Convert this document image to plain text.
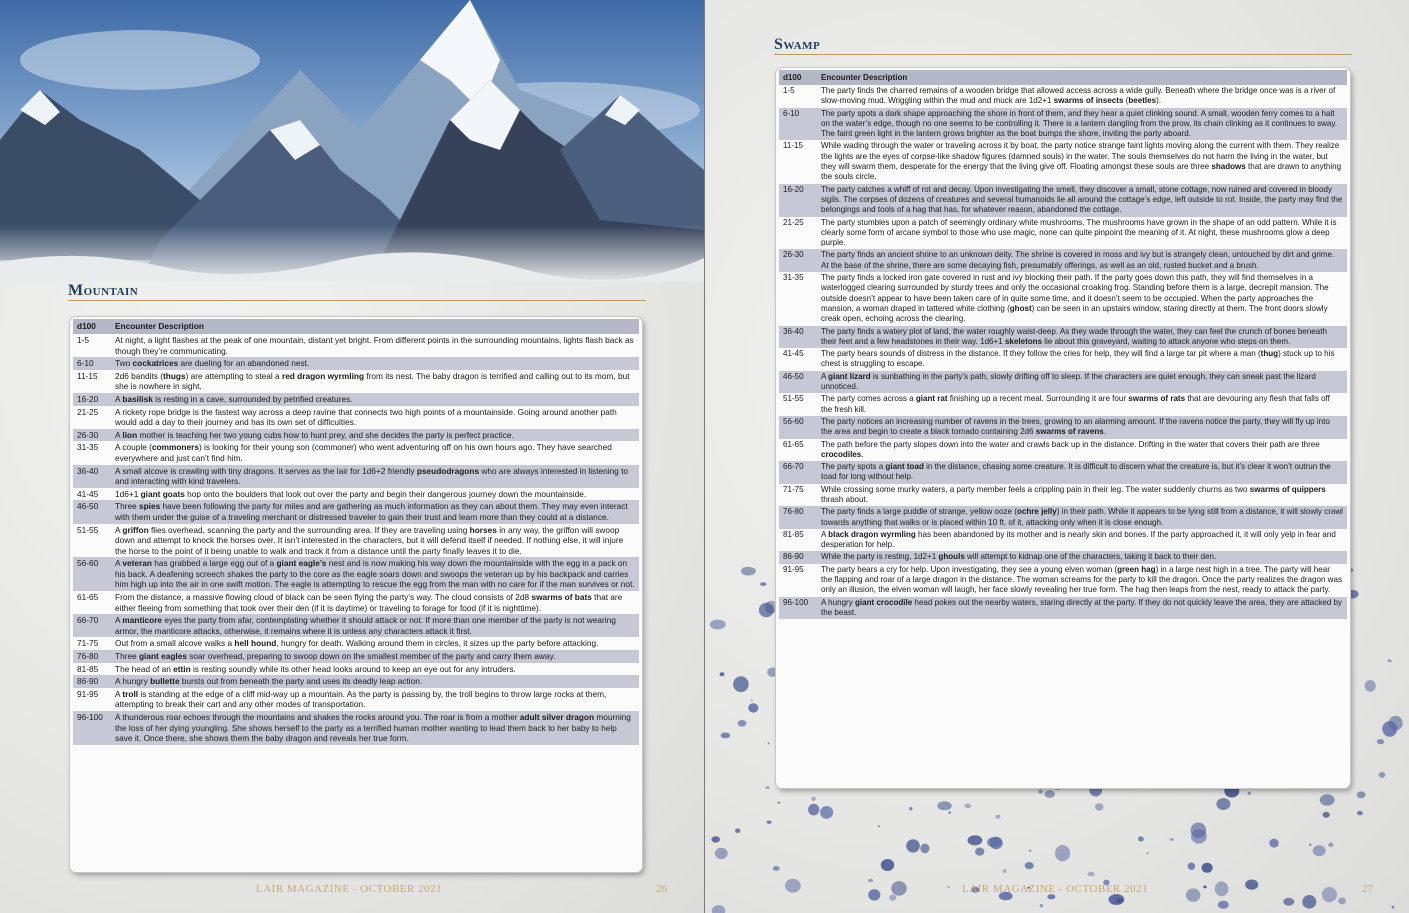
Mountain
d100	Encounter Description
1-5	At night, a light flashes at the peak of one mountain, distant yet bright. From different points in the surrounding mountains, lights flash back as though they’re communicating.
6-10	Two cockatrices are dueling for an abandoned nest.
11-15	2d6 bandits (thugs) are attempting to steal a red dragon wyrmling from its nest. The baby dragon is terrified and calling out to its mom, but she is nowhere in sight.
16-20	A basilisk is resting in a cave, surrounded by petrified creatures.
21-25	A rickety rope bridge is the fastest way across a deep ravine that connects two high points of a mountainside. Going around another path would add a day to their journey and has its own set of difficulties.
26-30	A lion mother is teaching her two young cubs how to hunt prey, and she decides the party is perfect practice.
31-35	A couple (commoners) is looking for their young son (commoner) who went adventuring off on his own hours ago. They have searched everywhere and just can’t find him.
36-40	A small alcove is crawling with tiny dragons. It serves as the lair for 1d6+2 friendly pseudodragons who are always interested in listening to and interacting with kind travelers.
41-45	1d6+1 giant goats hop onto the boulders that look out over the party and begin their dangerous journey down the mountainside.
46-50	Three spies have been following the party for miles and are gathering as much information as they can about them. They may even interact with them under the guise of a traveling merchant or distressed traveler to gain their trust and learn more than they could at a distance.
51-55	A griffon flies overhead, scanning the party and the surrounding area. If they are traveling using horses in any way, the griffon will swoop down and attempt to knock the horses over. It isn’t interested in the characters, but it will defend itself if needed. If nothing else, it will injure the horse to the point of it being unable to walk and track it from a distance until the party finally leaves it to die.
56-60	A veteran has grabbed a large egg out of a giant eagle’s nest and is now making his way down the mountainside with the egg in a pack on his back. A deafening screech shakes the party to the core as the eagle soars down and swoops the veteran up by his backpack and carries him high up into the air in one swift motion. The eagle is attempting to rescue the egg from the man with no care for if the man survives or not.
61-65	From the distance, a massive flowing cloud of black can be seen flying the party’s way. The cloud consists of 2d8 swarms of bats that are either fleeing from something that took over their den (if it is daytime) or traveling to forage for food (if it is nighttime).
66-70	A manticore eyes the party from afar, contemplating whether it should attack or not. If more than one member of the party is not wearing armor, the manticore attacks, otherwise, it remains where it is unless any characters attack it first.
71-75	Out from a small alcove walks a hell hound, hungry for death. Walking around them in circles, it sizes up the party before attacking.
76-80	Three giant eagles soar overhead, preparing to swoop down on the smallest member of the party and carry them away.
81-85	The head of an ettin is resting soundly while its other head looks around to keep an eye out for any intruders.
86-90	A hungry bullette bursts out from beneath the party and uses its deadly leap action.
91-95	A troll is standing at the edge of a cliff mid-way up a mountain. As the party is passing by, the troll begins to throw large rocks at them, attempting to break their cart and any other modes of transportation.
96-100	A thunderous roar echoes through the mountains and shakes the rocks around you. The roar is from a mother adult silver dragon mourning the loss of her dying youngling. She shows herself to the party as a terrified human mother wanting to lead them back to her baby to help save it. Once there, she shows them the baby dragon and reveals her true form.
LAIR MAGAZINE - OCTOBER 2021	26
Swamp
d100	Encounter Description
1-5	The party finds the charred remains of a wooden bridge that allowed access across a wide gully. Beneath where the bridge once was is a river of slow-moving mud. Wriggling within the mud and muck are 1d2+1 swarms of insects (beetles).
6-10	The party spots a dark shape approaching the shore in front of them, and they hear a quiet clinking sound. A small, wooden ferry comes to a halt on the water’s edge, though no one seems to be controlling it. There is a lantern dangling from the prow, its chain clinking as it continues to sway. The faint green light in the lantern grows brighter as the boat bumps the shore, inviting the party aboard.
11-15	While wading through the water or traveling across it by boat, the party notice strange faint lights moving along the current with them. They realize the lights are the eyes of corpse-like shadow figures (damned souls) in the water. The souls themselves do not harm the living in the water, but they will swarm them, desperate for the energy that the living give off. Floating amongst these souls are three shadows that are drawn to anything the souls circle.
16-20	The party catches a whiff of rot and decay. Upon investigating the smell, they discover a small, stone cottage, now ruined and covered in bloody sigils. The corpses of dozens of creatures and several humanoids lie all around the cottage’s edge, left outside to rot. Inside, the party may find the belongings and tools of a hag that has, for whatever reason, abandoned the cottage.
21-25	The party stumbles upon a patch of seemingly ordinary white mushrooms. The mushrooms have grown in the shape of an odd pattern. While it is clearly some form of arcane symbol to those who use magic, none can quite pinpoint the meaning of it. At night, these mushrooms glow a deep purple.
26-30	The party finds an ancient shrine to an unknown deity. The shrine is covered in moss and ivy but is strangely clean, untouched by dirt and grime. At the base of the shrine, there are some decaying fish, presumably offerings, as well as an old, rusted bucket and a brush.
31-35	The party finds a locked iron gate covered in rust and ivy blocking their path. If the party goes down this path, they will find themselves in a waterlogged clearing surrounded by sturdy trees and only the occasional croaking frog. Standing before them is a large, decrepit mansion. The outside doesn’t appear to have been taken care of in quite some time, and it doesn’t seem to be occupied. When the party approaches the mansion, a woman draped in tattered white clothing (ghost) can be seen in an upstairs window, staring directly at them. The front doors slowly creak open, echoing across the clearing.
36-40	The party finds a watery plot of land, the water roughly waist-deep. As they wade through the water, they can feel the crunch of bones beneath their feet and a few headstones in their way. 1d6+1 skeletons lie about this graveyard, waiting to attack anyone who steps on them.
41-45	The party hears sounds of distress in the distance. If they follow the cries for help, they will find a large tar pit where a man (thug) stuck up to his chest is struggling to escape.
46-50	A giant lizard is sunbathing in the party’s path, slowly drifting off to sleep. If the characters are quiet enough, they can sneak past the lizard unnoticed.
51-55	The party comes across a giant rat finishing up a recent meal. Surrounding it are four swarms of rats that are devouring any flesh that falls off the fresh kill.
56-60	The party notices an increasing number of ravens in the trees, growing to an alarming amount. If the ravens notice the party, they will fly up into the area and begin to create a black tornado containing 2d6 swarms of ravens.
61-65	The path before the party slopes down into the water and crawls back up in the distance. Drifting in the water that covers their path are three crocodiles.
66-70	The party spots a giant toad in the distance, chasing some creature. It is difficult to discern what the creature is, but it’s clear it won’t outrun the toad for long without help.
71-75	While crossing some murky waters, a party member feels a crippling pain in their leg. The water suddenly churns as two swarms of quippers thrash about.
76-80	The party finds a large puddle of strange, yellow ooze (ochre jelly) in their path. While it appears to be lying still from a distance, it will slowly crawl towards anything that walks or is placed within 10 ft. of it, attacking only when it is close enough.
81-85	A black dragon wyrmling has been abandoned by its mother and is nearly skin and bones. If the party approached it, it will only yelp in fear and desperation for help.
86-90	While the party is resting, 1d2+1 ghouls will attempt to kidnap one of the characters, taking it back to their den.
91-95	The party hears a cry for help. Upon investigating, they see a young elven woman (green hag) in a large nest high in a tree. The party will hear the flapping and roar of a large dragon in the distance. The woman screams for the party to kill the dragon. Once the party realizes the dragon was only an illusion, the elven woman will laugh, her face slowly revealing her true form. The hag then leaps from the nest, ready to attack the party.
96-100	A hungry giant crocodile head pokes out the nearby waters, staring directly at the party. If they do not quickly leave the area, they are attacked by the beast.
LAIR MAGAZINE - OCTOBER 2021	27
